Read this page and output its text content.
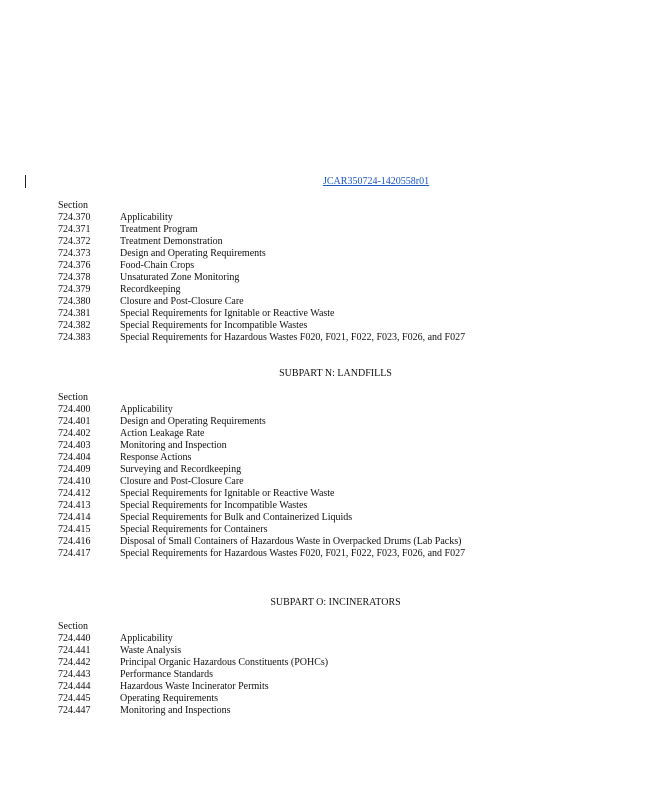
JCAR350724-1420558r01
Section
724.370	Applicability
724.371	Treatment Program
724.372	Treatment Demonstration
724.373	Design and Operating Requirements
724.376	Food-Chain Crops
724.378	Unsaturated Zone Monitoring
724.379	Recordkeeping
724.380	Closure and Post-Closure Care
724.381	Special Requirements for Ignitable or Reactive Waste
724.382	Special Requirements for Incompatible Wastes
724.383	Special Requirements for Hazardous Wastes F020, F021, F022, F023, F026, and F027
SUBPART N: LANDFILLS
Section
724.400	Applicability
724.401	Design and Operating Requirements
724.402	Action Leakage Rate
724.403	Monitoring and Inspection
724.404	Response Actions
724.409	Surveying and Recordkeeping
724.410	Closure and Post-Closure Care
724.412	Special Requirements for Ignitable or Reactive Waste
724.413	Special Requirements for Incompatible Wastes
724.414	Special Requirements for Bulk and Containerized Liquids
724.415	Special Requirements for Containers
724.416	Disposal of Small Containers of Hazardous Waste in Overpacked Drums (Lab Packs)
724.417	Special Requirements for Hazardous Wastes F020, F021, F022, F023, F026, and F027
SUBPART O: INCINERATORS
Section
724.440	Applicability
724.441	Waste Analysis
724.442	Principal Organic Hazardous Constituents (POHCs)
724.443	Performance Standards
724.444	Hazardous Waste Incinerator Permits
724.445	Operating Requirements
724.447	Monitoring and Inspections
